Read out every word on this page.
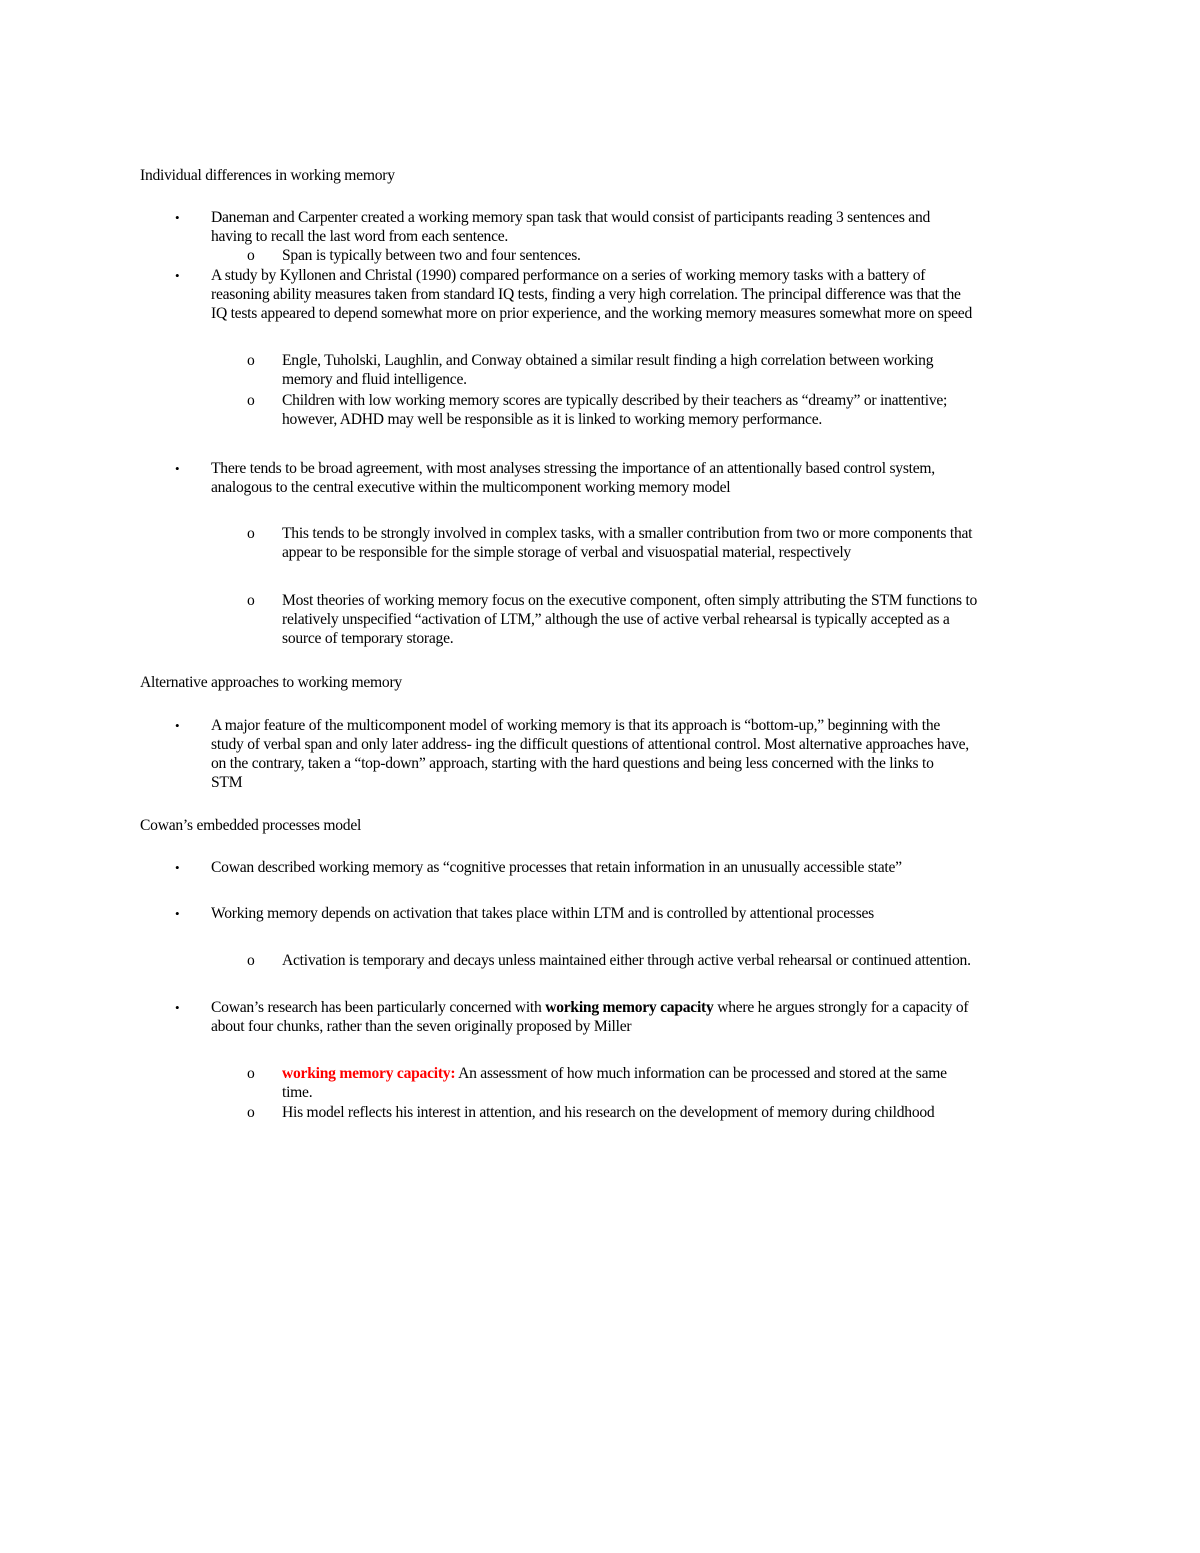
Individual differences in working memory
• Daneman and Carpenter created a working memory span task that would consist of participants reading 3 sentences and
having to recall the last word from each sentence.
o Span is typically between two and four sentences.
• A study by Kyllonen and Christal (1990) compared performance on a series of working memory tasks with a battery of
reasoning ability measures taken from standard IQ tests, finding a very high correlation. The principal difference was that the
IQ tests appeared to depend somewhat more on prior experience, and the working memory measures somewhat more on speed
o Engle, Tuholski, Laughlin, and Conway obtained a similar result finding a high correlation between working
memory and fluid intelligence.
o Children with low working memory scores are typically described by their teachers as “dreamy” or inattentive;
however, ADHD may well be responsible as it is linked to working memory performance.
• There tends to be broad agreement, with most analyses stressing the importance of an attentionally based control system,
analogous to the central executive within the multicomponent working memory model
o This tends to be strongly involved in complex tasks, with a smaller contribution from two or more components that
appear to be responsible for the simple storage of verbal and visuospatial material, respectively
o Most theories of working memory focus on the executive component, often simply attributing the STM functions to
relatively unspecified “activation of LTM,” although the use of active verbal rehearsal is typically accepted as a
source of temporary storage.
Alternative approaches to working memory
• A major feature of the multicomponent model of working memory is that its approach is “bottom-up,” beginning with the
study of verbal span and only later address- ing the difficult questions of attentional control. Most alternative approaches have,
on the contrary, taken a “top-down” approach, starting with the hard questions and being less concerned with the links to
STM
Cowan’s embedded processes model
• Cowan described working memory as “cognitive processes that retain information in an unusually accessible state”
• Working memory depends on activation that takes place within LTM and is controlled by attentional processes
o Activation is temporary and decays unless maintained either through active verbal rehearsal or continued attention.
• Cowan’s research has been particularly concerned with working memory capacity where he argues strongly for a capacity of
about four chunks, rather than the seven originally proposed by Miller
o working memory capacity: An assessment of how much information can be processed and stored at the same
time.
o His model reflects his interest in attention, and his research on the development of memory during childhood
